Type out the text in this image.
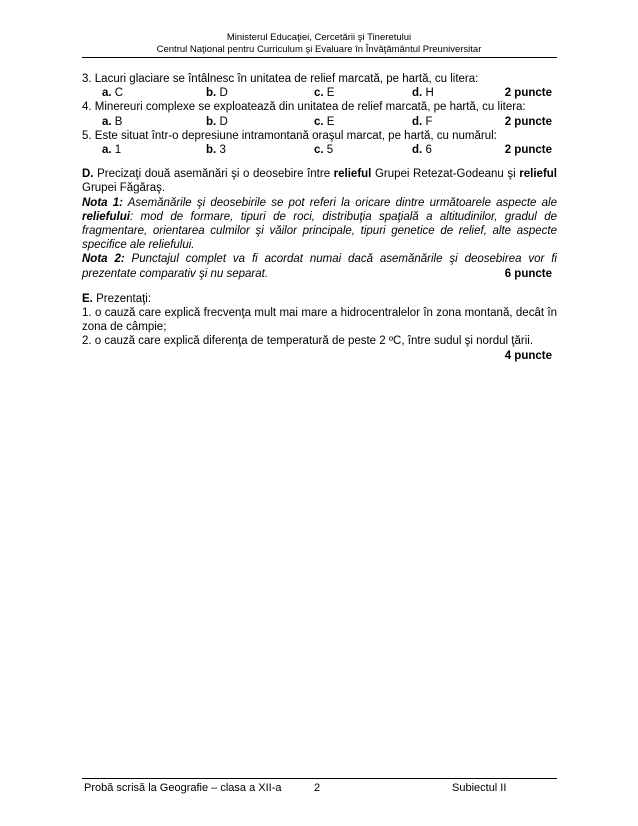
Ministerul Educaţiei, Cercetării şi Tineretului
Centrul Naţional pentru Curriculum şi Evaluare în Învăţământul Preuniversitar
3. Lacuri glaciare se întâlnesc în unitatea de relief marcată, pe hartă, cu litera:
a. C	b. D	c. E	d. H	2 puncte
4. Minereuri complexe se exploatează din unitatea de relief marcată, pe hartă, cu litera:
a. B	b. D	c. E	d. F	2 puncte
5. Este situat într-o depresiune intramontană oraşul marcat, pe hartă, cu numărul:
a. 1	b. 3	c. 5	d. 6	2 puncte
D. Precizaţi două asemănări şi o deosebire între relieful Grupei Retezat-Godeanu şi relieful Grupei Făgăraş.
Nota 1: Asemănările şi deosebirile se pot referi la oricare dintre următoarele aspecte ale reliefului: mod de formare, tipuri de roci, distribuţia spaţială a altitudinilor, gradul de fragmentare, orientarea culmilor şi văilor principale, tipuri genetice de relief, alte aspecte specifice ale reliefului.
Nota 2: Punctajul complet va fi acordat numai dacă asemănările şi deosebirea vor fi prezentate comparativ şi nu separat.	6 puncte
E. Prezentaţi:
1. o cauză care explică frecvenţa mult mai mare a hidrocentralelor în zona montană, decât în zona de câmpie;
2. o cauză care explică diferenţa de temperatură de peste 2 ºC, între sudul şi nordul ţării.
4 puncte
Probă scrisă la Geografie – clasa a XII-a	2	Subiectul II
